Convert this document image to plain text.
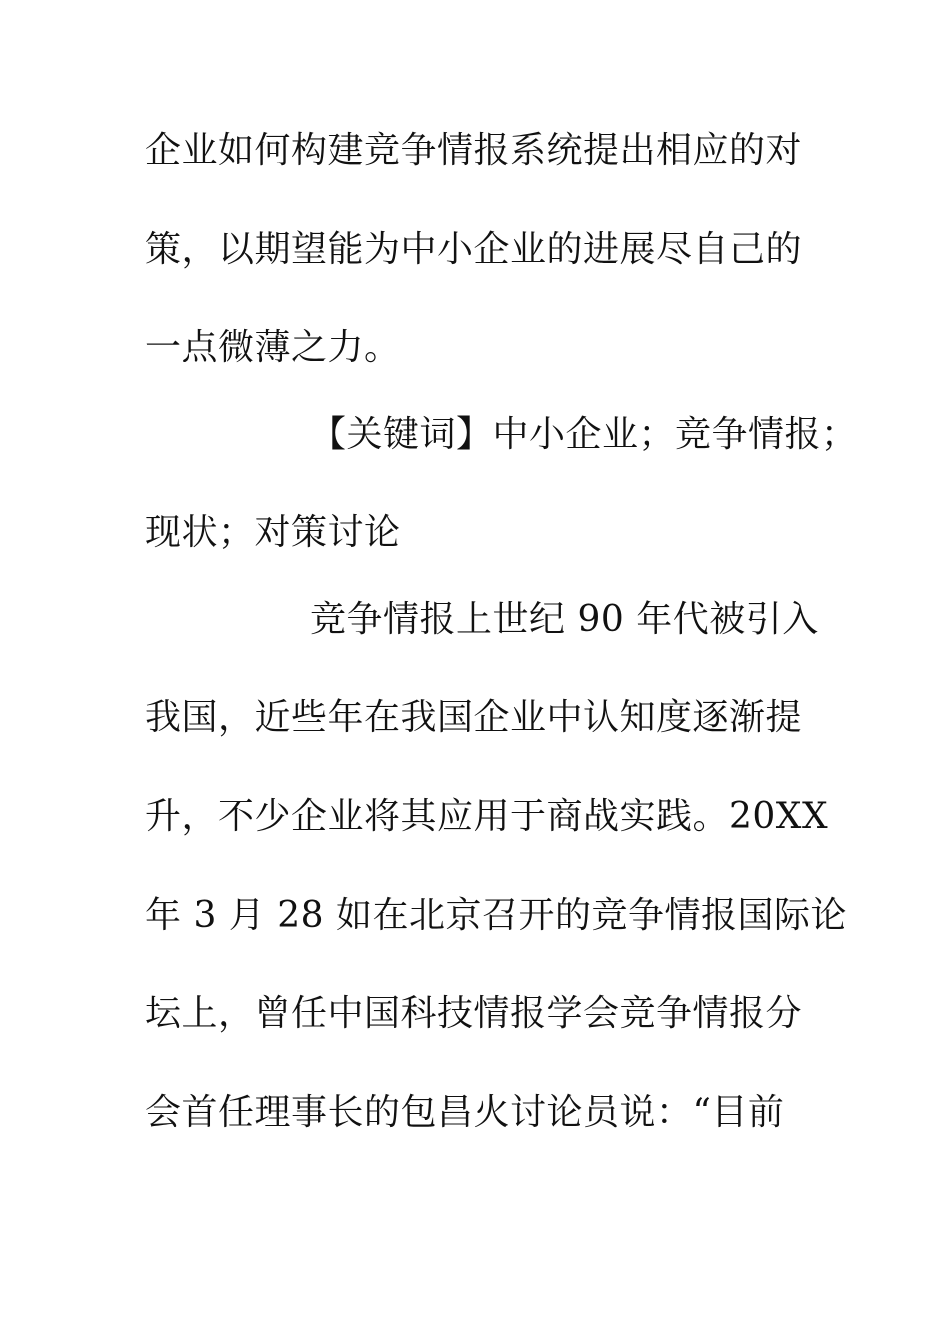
企业如何构建竞争情报系统提出相应的对
策，以期望能为中小企业的进展尽自己的
一点微薄之力。
【关键词】中小企业；竞争情报；
现状；对策讨论
竞争情报上世纪 90 年代被引入
我国，近些年在我国企业中认知度逐渐提
升，不少企业将其应用于商战实践。20XX
年 3 月 28 如在北京召开的竞争情报国际论
坛上，曾任中国科技情报学会竞争情报分
会首任理事长的包昌火讨论员说：“目前
